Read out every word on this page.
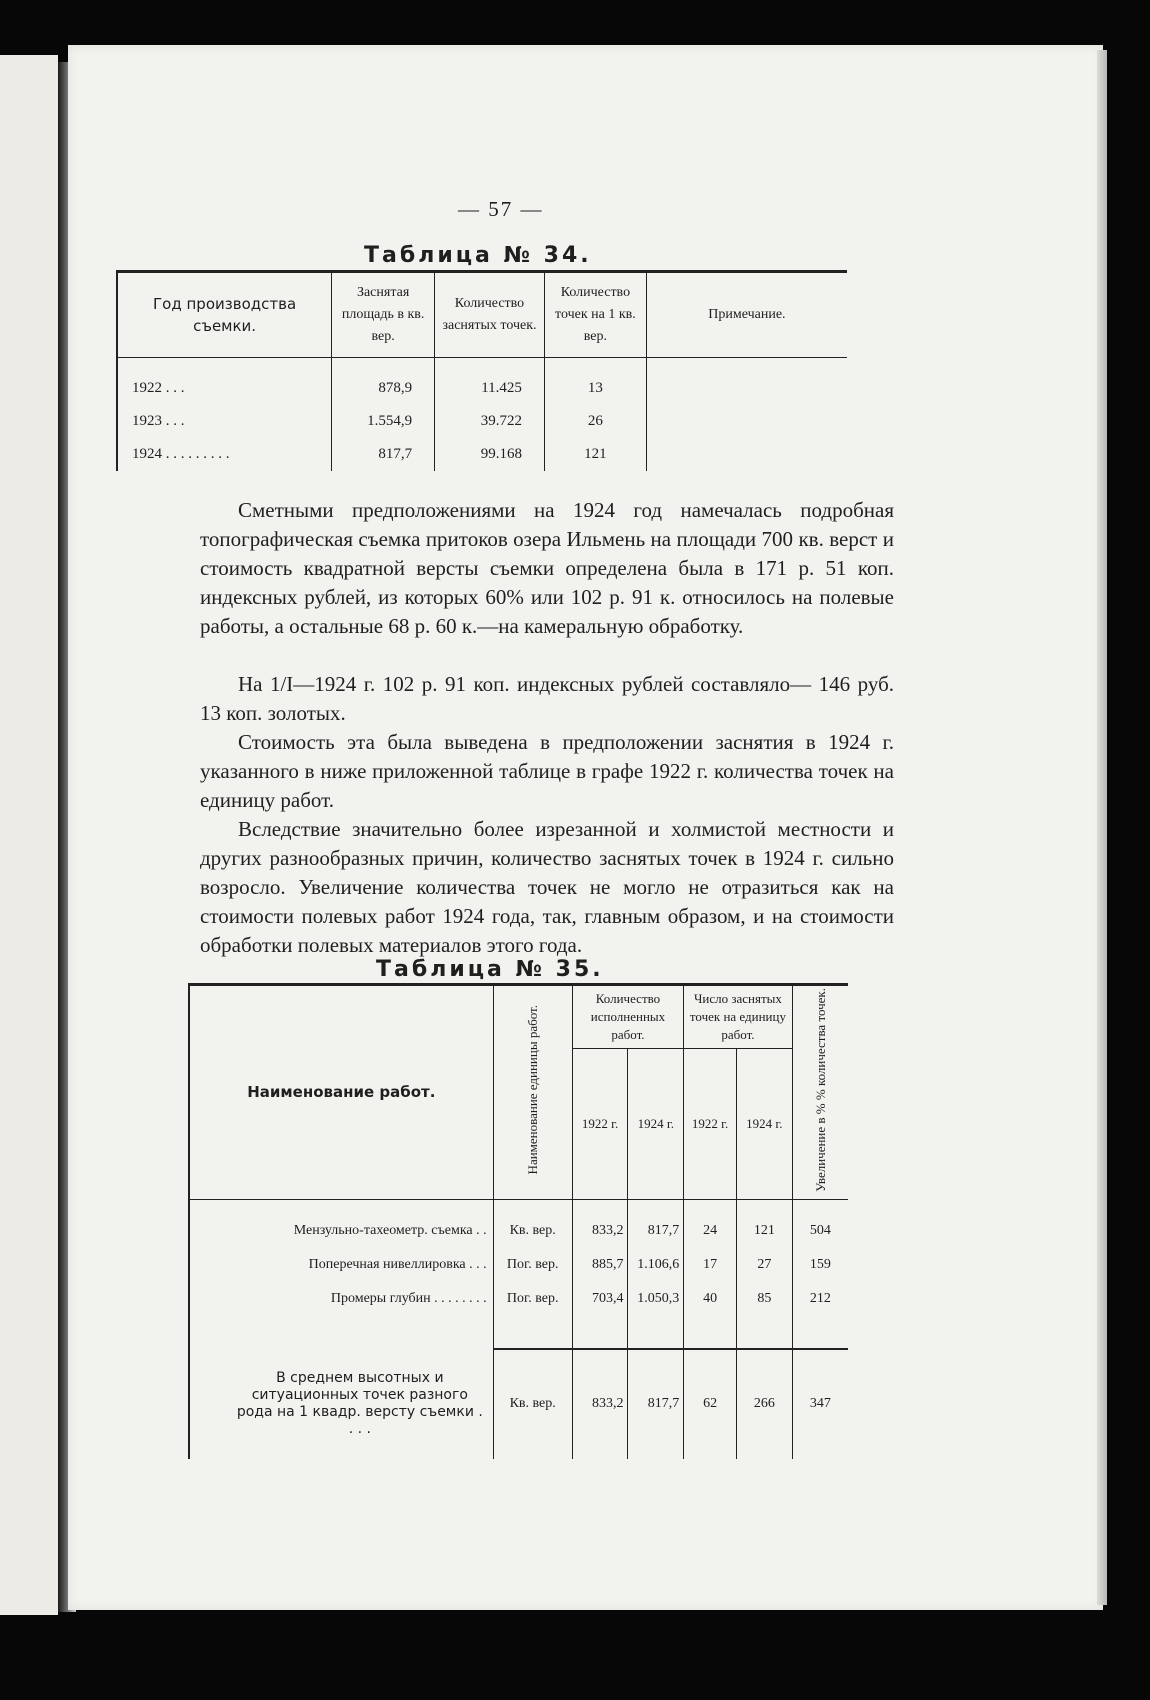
— 57 —
Таблица № 34.
Год производства съемки.	Заснятая площадь в кв. вер.	Количество заснятых точек.	Количество точек на 1 кв. вер.	Примечание.
1922 . . .	878,9	11.425	13	
1923 . . .	1.554,9	39.722	26	
1924 . . . . . . . . .	817,7	99.168	121	

Сметными предположениями на 1924 год намечалась подробная топографическая съемка притоков озера Ильмень на площади 700 кв. верст и стоимость квадратной версты съемки определена была в 171 р. 51 коп. индексных рублей, из которых 60% или 102 р. 91 к. относилось на полевые работы, а остальные 68 р. 60 к.—на камеральную обработку.

На 1/I—1924 г. 102 р. 91 коп. индексных рублей составляло— 146 руб. 13 коп. золотых.

Стоимость эта была выведена в предположении заснятия в 1924 г. указанного в ниже приложенной таблице в графе 1922 г. количества точек на единицу работ.

Вследствие значительно более изрезанной и холмистой местности и других разнообразных причин, количество заснятых точек в 1924 г. сильно возросло. Увеличение количества точек не могло не отразиться как на стоимости полевых работ 1924 года, так, главным образом, и на стоимости обработки полевых материалов этого года.

Таблица № 35.
Наименование работ.	Наименование единицы работ.	Количество исполненных работ.		Число заснятых точек на единицу работ.		Увеличение в % % количества точек.
		1922 г.	1924 г.	1922 г.	1924 г.	
Мензульно-тахеометр. съемка . .	Кв. вер.	833,2	817,7	24	121	504
Поперечная нивеллировка . . .	Пог. вер.	885,7	1.106,6	17	27	159
Промеры глубин . . . . . . . .	Пог. вер.	703,4	1.050,3	40	85	212

В среднем высотных и ситуационных точек разного рода на 1 квадр. версту съемки . . . .	Кв. вер.	833,2	817,7	62	266	347
